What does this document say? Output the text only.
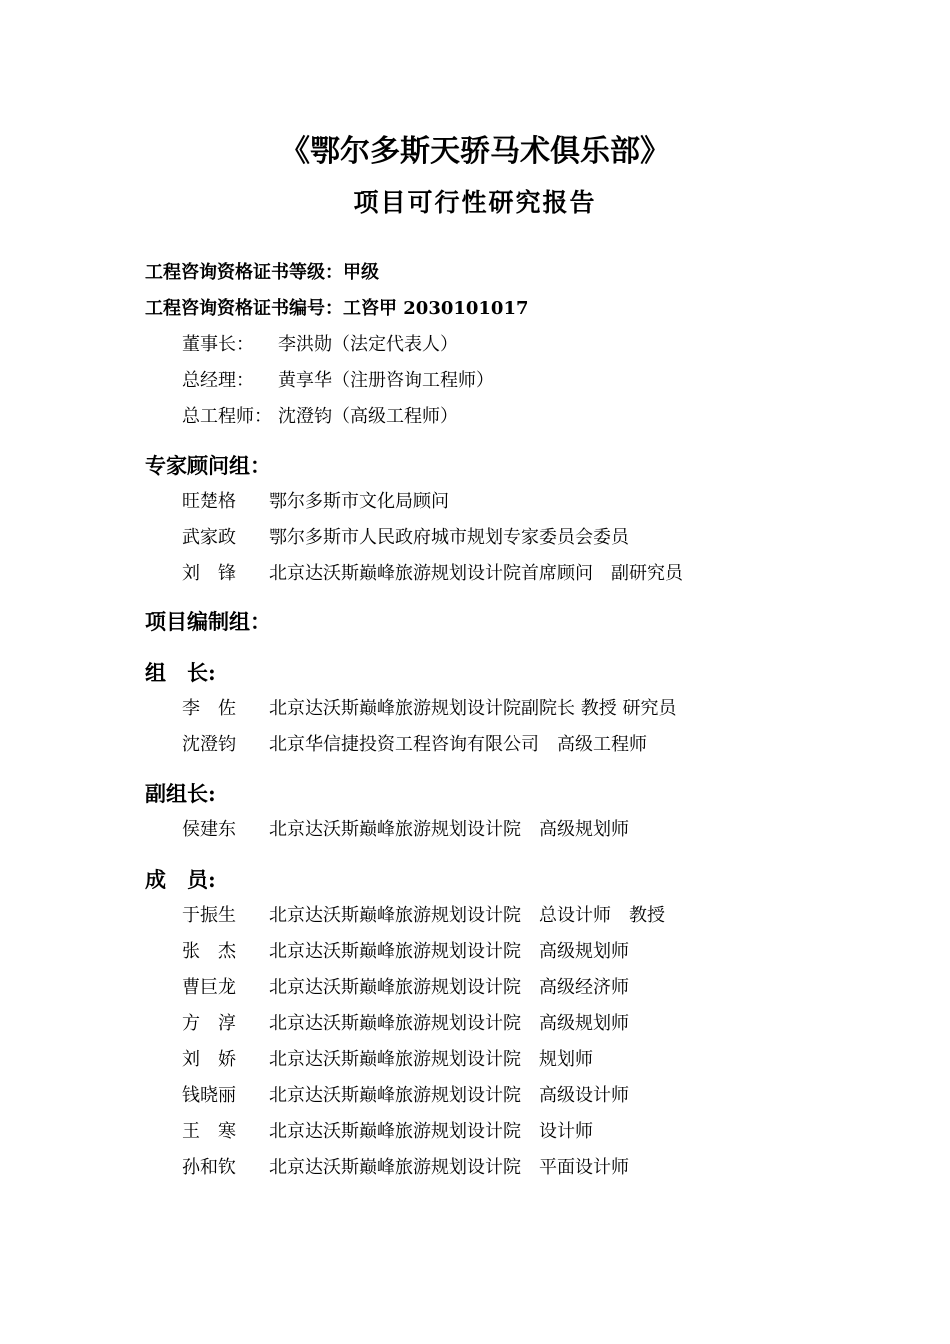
《鄂尔多斯天骄马术俱乐部》
项目可行性研究报告
工程咨询资格证书等级：甲级
工程咨询资格证书编号：工咨甲 2030101017
董事长： 李洪勋（法定代表人）
总经理： 黄享华（注册咨询工程师）
总工程师： 沈澄钧（高级工程师）
专家顾问组：
旺楚格 鄂尔多斯市文化局顾问
武家政 鄂尔多斯市人民政府城市规划专家委员会委员
刘　锋 北京达沃斯巅峰旅游规划设计院首席顾问　副研究员
项目编制组：
组　长:
李　佐 北京达沃斯巅峰旅游规划设计院副院长 教授 研究员
沈澄钧 北京华信捷投资工程咨询有限公司　高级工程师
副组长:
侯建东 北京达沃斯巅峰旅游规划设计院　高级规划师
成　员:
于振生 北京达沃斯巅峰旅游规划设计院　总设计师　教授
张　杰 北京达沃斯巅峰旅游规划设计院　高级规划师
曹巨龙 北京达沃斯巅峰旅游规划设计院　高级经济师
方　淳 北京达沃斯巅峰旅游规划设计院　高级规划师
刘　娇 北京达沃斯巅峰旅游规划设计院　规划师
钱晓丽 北京达沃斯巅峰旅游规划设计院　高级设计师
王　寒 北京达沃斯巅峰旅游规划设计院　设计师
孙和钦 北京达沃斯巅峰旅游规划设计院　平面设计师
